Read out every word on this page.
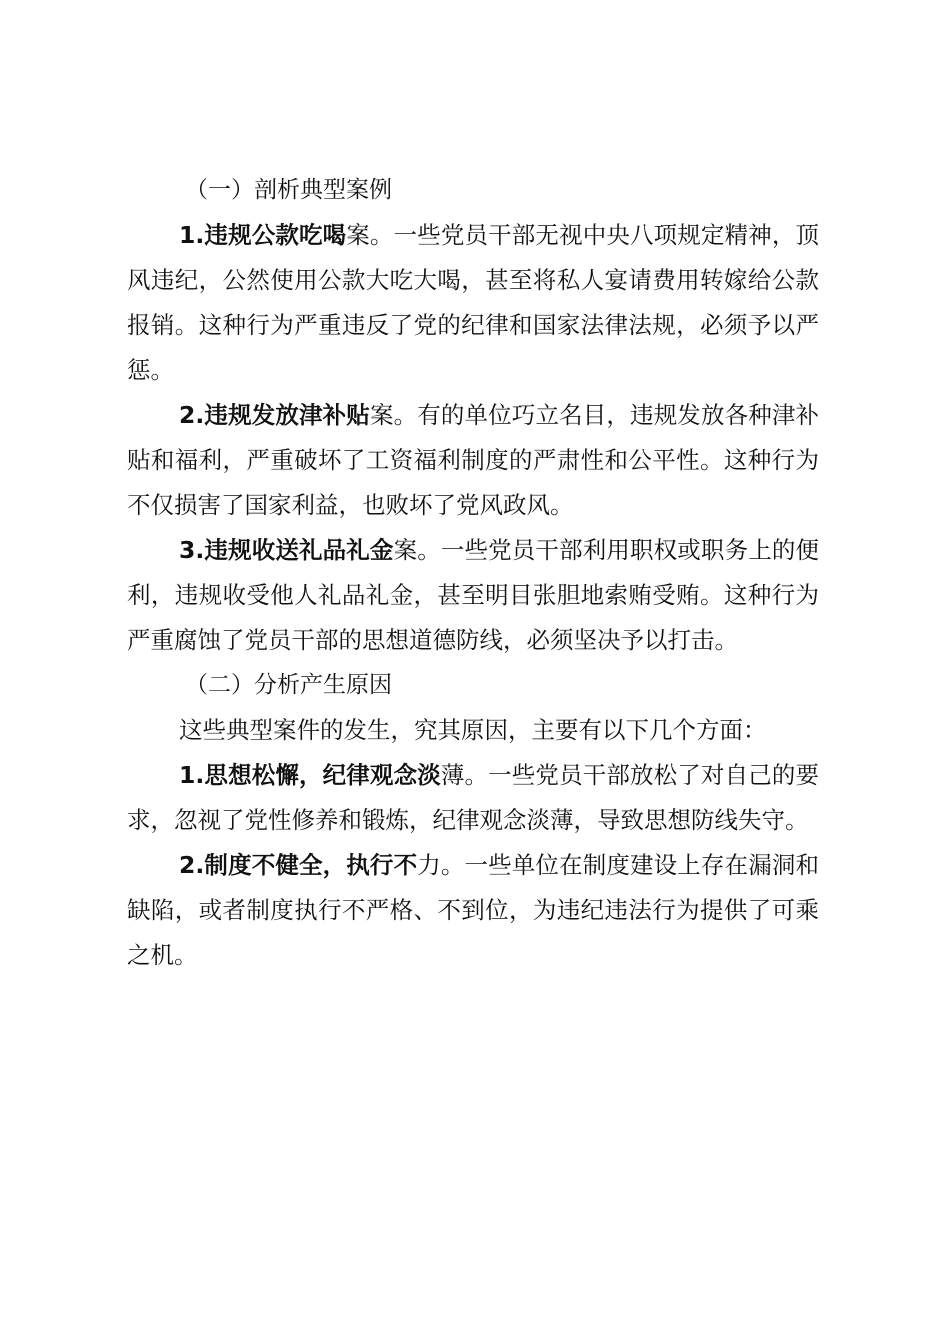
（一）剖析典型案例

1.违规公款吃喝案。一些党员干部无视中央八项规定精神，顶风违纪，公然使用公款大吃大喝，甚至将私人宴请费用转嫁给公款报销。这种行为严重违反了党的纪律和国家法律法规，必须予以严惩。

2.违规发放津补贴案。有的单位巧立名目，违规发放各种津补贴和福利，严重破坏了工资福利制度的严肃性和公平性。这种行为不仅损害了国家利益，也败坏了党风政风。

3.违规收送礼品礼金案。一些党员干部利用职权或职务上的便利，违规收受他人礼品礼金，甚至明目张胆地索贿受贿。这种行为严重腐蚀了党员干部的思想道德防线，必须坚决予以打击。

（二）分析产生原因

这些典型案件的发生，究其原因，主要有以下几个方面：

1.思想松懈，纪律观念淡薄。一些党员干部放松了对自己的要求，忽视了党性修养和锻炼，纪律观念淡薄，导致思想防线失守。

2.制度不健全，执行不力。一些单位在制度建设上存在漏洞和缺陷，或者制度执行不严格、不到位，为违纪违法行为提供了可乘之机。
